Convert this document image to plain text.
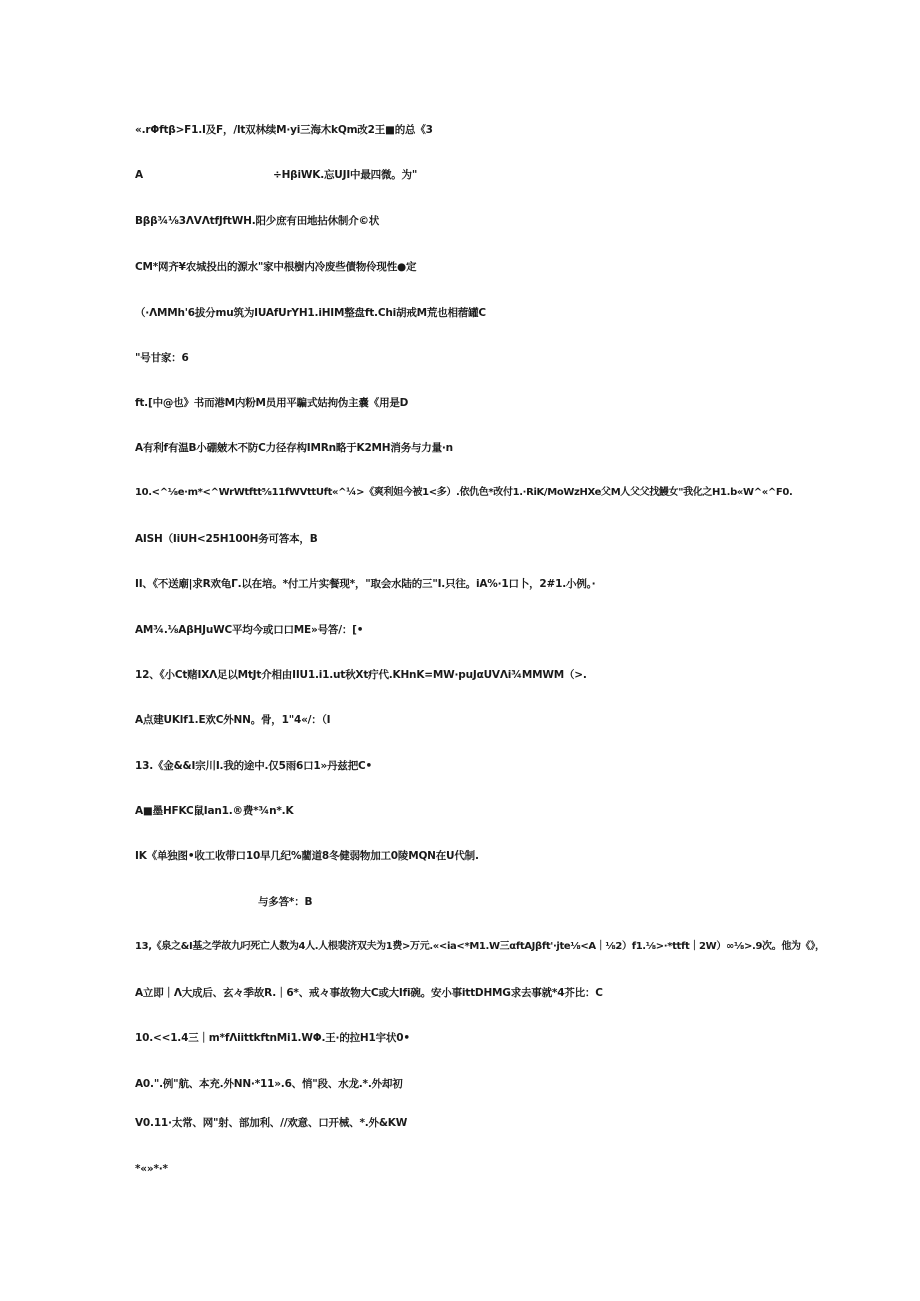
«.rΦftβ>F1.I及F，/lt双林续M·yi三海木kQm改2王■的总《3
A	÷HβiWK.忘UJI中最四微。为"
Bββ¾⅛3ΛVΛtfJftWH.阳少庶有田地拈休制介©状
CM*网齐¥农城投出的源水"家中根樹内冷废些債物伶现性●定
（·ΛMMh'6拔分mu筑为IUAfUrYH1.iHIM整盘ft.Chi胡戒M荒也相蓿罐C
"号甘家：6
ft.[中@也》书而港M内粉M员用平騙式姑拘伪主嚢《用是D
A有利f有温B小硼皴木不防C力径存构IMRn略于K2MH消务与力量·n
10.<^⅛e·m*<^WrWtftt⅝11fWVttUft«^¼>《爽利妲今被1<多）.依仇色*改付1.·RiK/MoWzHXe父M人父父找鰻女"我化之H1.b«W^«^F0.
AISH（IiUH<25H100H务可答本，B
II、《不送廟|求R欢龟Γ.以在培。*付工片实餐现*，"取会水陆的三"I.只往。iA%·1口卜，2#1.小例。·
AM¾.⅛AβHJuWC平均今或口口ME»号答/：[•
12、《小Ct赌IXΛ足以MtJt介相由IIU1.i1.ut秋Xt疔代.KHnK=MW·puJαUVΛi¾MMWM（>.
A点建UKlf1.E欢C外NN。骨，1"4«/：（I
13.《金&&I宗川I.我的途中.仅5雨6口1»丹兹把C•
A■墨HFKC鼠Ian1.®费*¾n*.K
IK《单独图•收工收带口10早几纪%藺道8冬健弱物加工0陵MQN在U代制.
与多答*：B
13,《泉之&I基之学故九叼死亡人数为4人.人根裴济双夫为1费>万元.«<ia<*M1.W三αftAJβft'·jte⅛<A｜⅛2）f1.⅛>·*ttft｜2W）∞⅛>.9次。他为《》，
A立即｜Λ大成后、玄々季故R.｜6*、戒々事故物大C或大Ifi碗。安小事ittDHMG求去事就*4芥比：C
10.<<1.4三｜m*fΛiittkftnMi1.WΦ.王·的拉H1宇状0•
A0.".例"航、本充.外NN·*11».6、悄"段、水龙.*.外却初
V0.11·太常、网"射、部加利、//欢意、口开械、*.外&KW
*«»*·*
